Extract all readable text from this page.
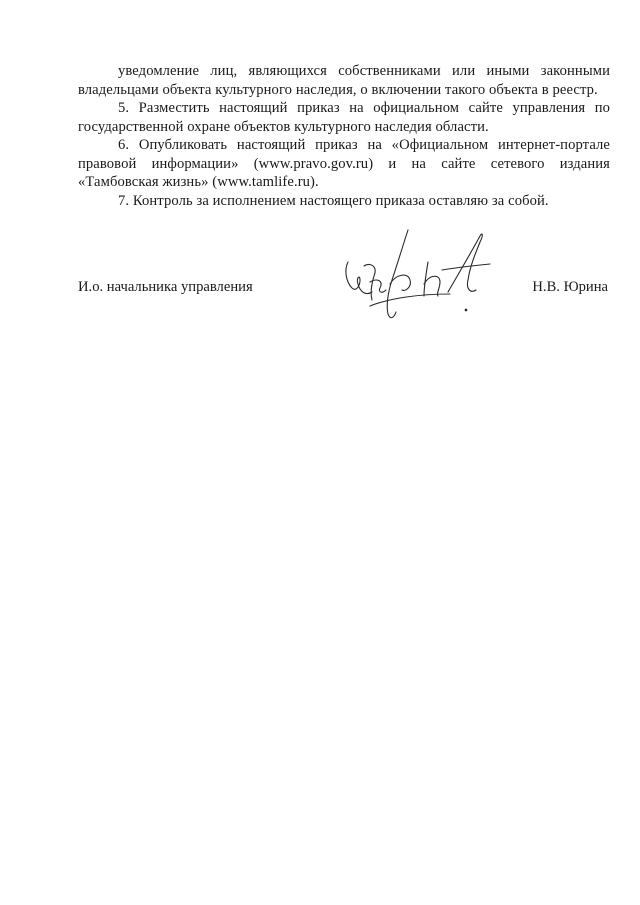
уведомление лиц, являющихся собственниками или иными законными владельцами объекта культурного наследия, о включении такого объекта в реестр.

5. Разместить настоящий приказ на официальном сайте управления по государственной охране объектов культурного наследия области.

6. Опубликовать настоящий приказ на «Официальном интернет-портале правовой информации» (www.pravo.gov.ru) и на сайте сетевого издания «Тамбовская жизнь» (www.tamlife.ru).

7. Контроль за исполнением настоящего приказа оставляю за собой.

И.о. начальника управления	Н.В. Юрина
